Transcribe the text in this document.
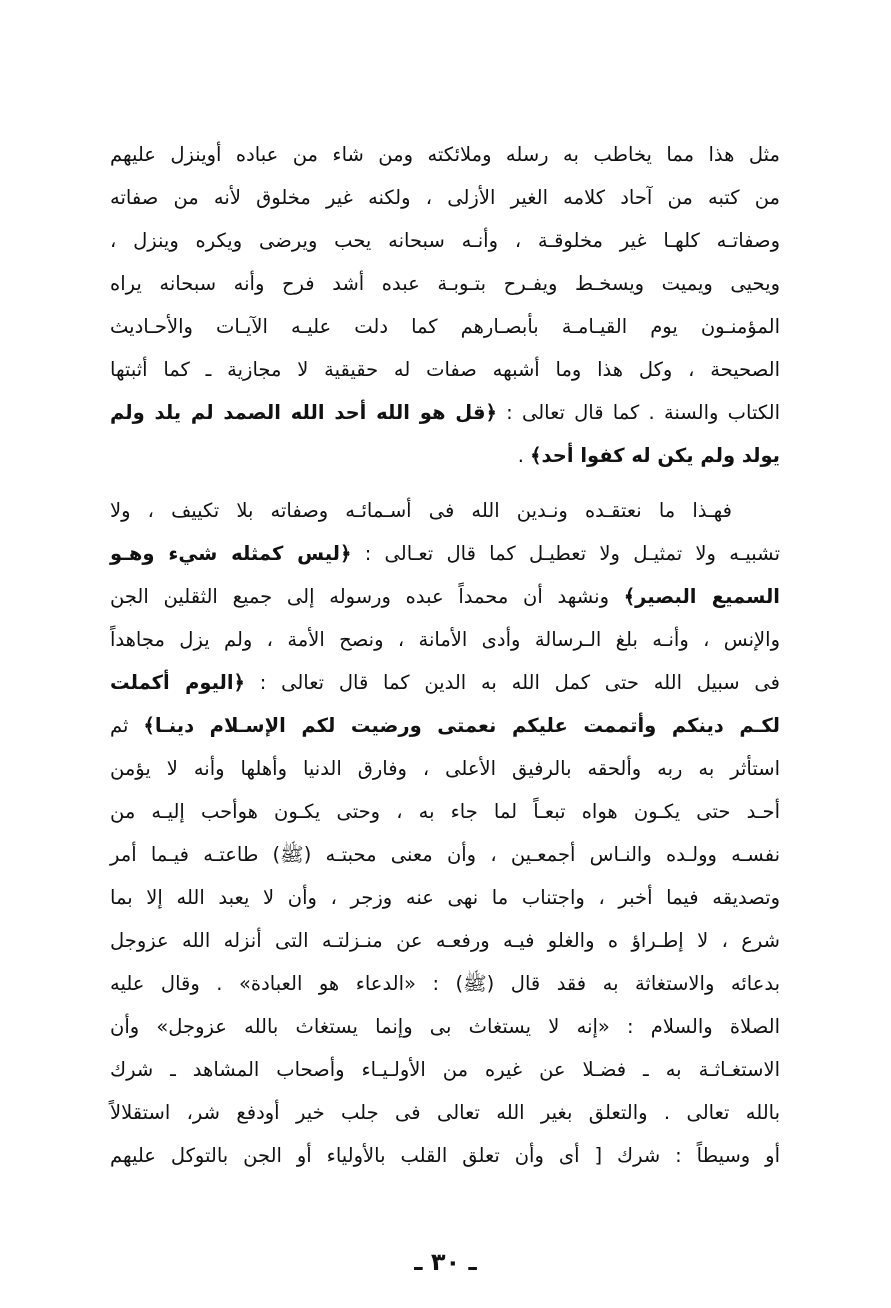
مثل هذا مما يخاطب به رسله وملائكته ومن شاء من عباده أوينزل عليهم
من كتبه من آحاد كلامه الغير الأزلى ، ولكنه غير مخلوق لأنه من صفاته
وصفاتـه كلهـا غير مخلوقـة ، وأنـه سبحانه يحب ويرضى ويكره وينزل ،
ويحيى ويميت ويسخـط ويفـرح بتـوبـة عبده أشد فرح وأنه سبحانه يراه
المؤمنـون يوم القيـامـة بأبصـارهم كما دلت عليـه الآيـات والأحـاديث
الصحيحة ، وكل هذا وما أشبهه صفات له حقيقية لا مجازية ـ كما أثبتها
الكتاب والسنة . كما قال تعالى : ﴿قل هو الله أحد الله الصمد لم يلد ولم
يولد ولم يكن له كفوا أحد﴾ .
فهـذا ما نعتقـده ونـدين الله فى أسـمائـه وصفاته بلا تكييف ، ولا
تشبيـه ولا تمثيـل ولا تعطيـل كما قال تعـالى : ﴿ليس كمثله شيء وهـو
السميع البصير﴾ ونشهد أن محمداً عبده ورسوله إلى جميع الثقلين الجن
والإنس ، وأنـه بلغ الـرسالة وأدى الأمانة ، ونصح الأمة ، ولم يزل مجاهداً
فى سبيل الله حتى كمل الله به الدين كما قال تعالى : ﴿اليوم أكملت
لكـم دينكم وأتممت عليكم نعمتى ورضيت لكم الإسـلام دينـا﴾ ثم
استأثر به ربه وألحقه بالرفيق الأعلى ، وفارق الدنيا وأهلها وأنه لا يؤمن
أحـد حتى يكـون هواه تبعـاً لما جاء به ، وحتى يكـون هوأحب إليـه من
نفسـه وولـده والنـاس أجمعـين ، وأن معنى محبتـه (ﷺ) طاعتـه فيـما أمر
وتصديقه فيما أخبر ، واجتناب ما نهى عنه وزجر ، وأن لا يعبد الله إلا بما
شرع ، لا إطـراؤ ه والغلو فيـه ورفعـه عن منـزلتـه التى أنزله الله عزوجل
بدعائه والاستغاثة به فقد قال (ﷺ) : «الدعاء هو العبادة» . وقال عليه
الصلاة والسلام : «إنه لا يستغاث بى وإنما يستغاث بالله عزوجل» وأن
الاستغـاثـة به ـ فضـلا عن غيره من الأولـيـاء وأصحاب المشاهد ـ شرك
بالله تعالى . والتعلق بغير الله تعالى فى جلب خير أودفع شر، استقلالاً
أو وسيطاً : شرك [ أى وأن تعلق القلب بالأولياء أو الجن بالتوكل عليهم
ـ ٣٠ ـ
